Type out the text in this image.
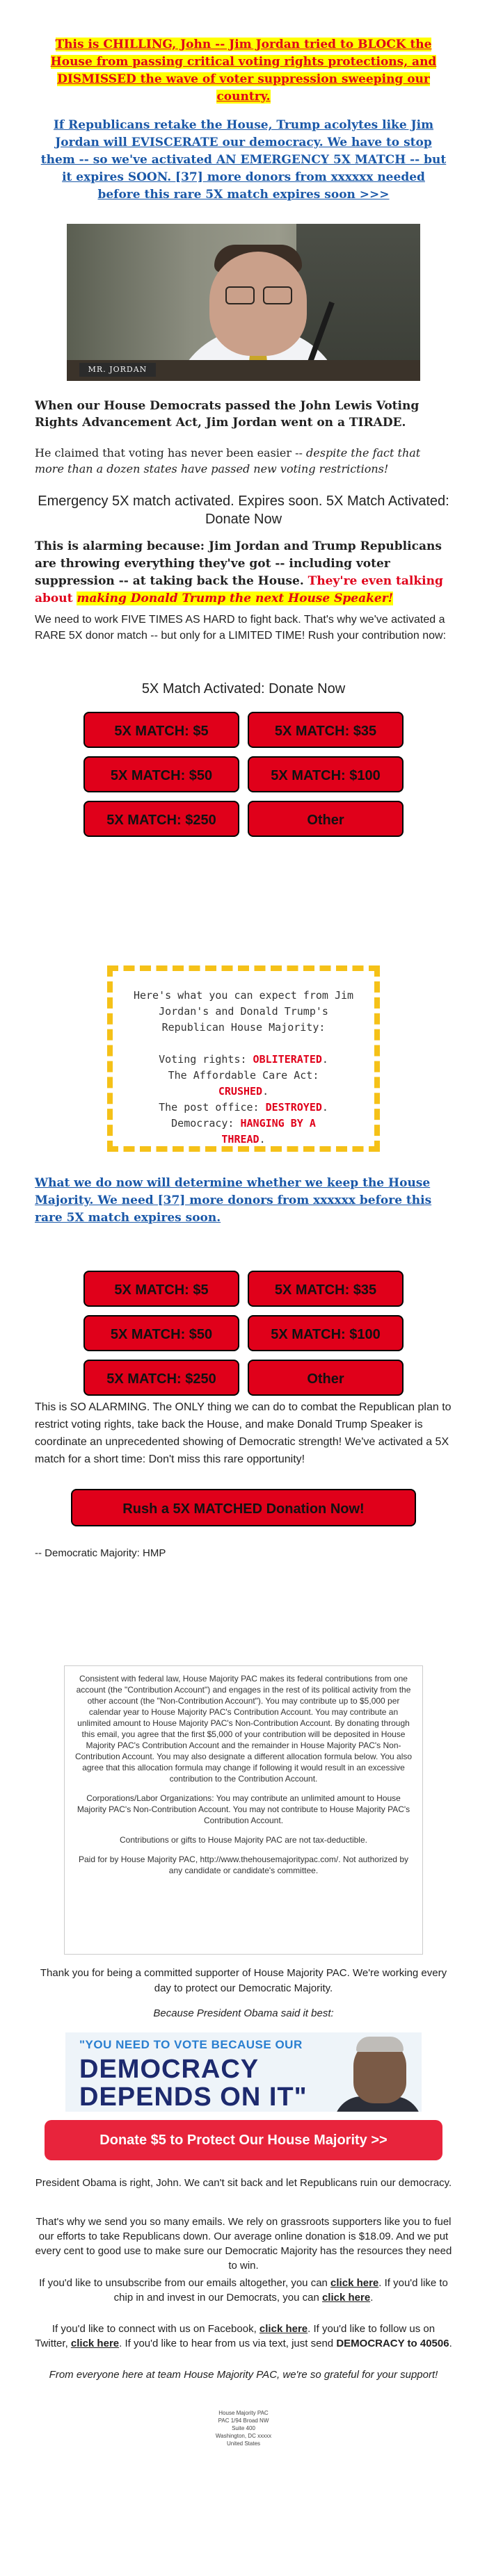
This is CHILLING, John -- Jim Jordan tried to BLOCK the House from passing critical voting rights protections, and DISMISSED the wave of voter suppression sweeping our country.
If Republicans retake the House, Trump acolytes like Jim Jordan will EVISCERATE our democracy. We have to stop them -- so we've activated AN EMERGENCY 5X MATCH -- but it expires SOON. [37] more donors from xxxxxx needed before this rare 5X match expires soon >>>
MR. JORDAN
When our House Democrats passed the John Lewis Voting Rights Advancement Act, Jim Jordan went on a TIRADE.
He claimed that voting has never been easier -- despite the fact that more than a dozen states have passed new voting restrictions!
Emergency 5X match activated. Expires soon. 5X Match Activated: Donate Now
This is alarming because: Jim Jordan and Trump Republicans are throwing everything they've got -- including voter suppression -- at taking back the House. They're even talking about making Donald Trump the next House Speaker!
We need to work FIVE TIMES AS HARD to fight back. That's why we've activated a RARE 5X donor match -- but only for a LIMITED TIME! Rush your contribution now:
5X Match Activated: Donate Now
5X MATCH: $5	5X MATCH: $35
5X MATCH: $50	5X MATCH: $100
5X MATCH: $250	Other
Here's what you can expect from Jim Jordan's and Donald Trump's Republican House Majority:
Voting rights: OBLITERATED.
The Affordable Care Act:
CRUSHED.
The post office: DESTROYED.
Democracy: HANGING BY A THREAD.
What we do now will determine whether we keep the House Majority. We need [37] more donors from xxxxxx before this rare 5X match expires soon.
5X MATCH: $5	5X MATCH: $35
5X MATCH: $50	5X MATCH: $100
5X MATCH: $250	Other
This is SO ALARMING. The ONLY thing we can do to combat the Republican plan to restrict voting rights, take back the House, and make Donald Trump Speaker is coordinate an unprecedented showing of Democratic strength! We've activated a 5X match for a short time: Don't miss this rare opportunity!
Rush a 5X MATCHED Donation Now!
-- Democratic Majority: HMP

Consistent with federal law, House Majority PAC makes its federal contributions from one account (the "Contribution Account") and engages in the rest of its political activity from the other account (the "Non-Contribution Account"). You may contribute up to $5,000 per calendar year to House Majority PAC's Contribution Account. You may contribute an unlimited amount to House Majority PAC's Non-Contribution Account. By donating through this email, you agree that the first $5,000 of your contribution will be deposited in House Majority PAC's Contribution Account and the remainder in House Majority PAC's Non-Contribution Account. You may also designate a different allocation formula below. You also agree that this allocation formula may change if following it would result in an excessive contribution to the Contribution Account.

Corporations/Labor Organizations: You may contribute an unlimited amount to House Majority PAC's Non-Contribution Account. You may not contribute to House Majority PAC's Contribution Account.

Contributions or gifts to House Majority PAC are not tax-deductible.

Paid for by House Majority PAC, http://www.thehousemajoritypac.com/. Not authorized by any candidate or candidate's committee.

Thank you for being a committed supporter of House Majority PAC. We're working every day to protect our Democratic Majority.
Because President Obama said it best:
"YOU NEED TO VOTE BECAUSE OUR
DEMOCRACY
DEPENDS ON IT"
Donate $5 to Protect Our House Majority >>
President Obama is right, John. We can't sit back and let Republicans ruin our democracy.
That's why we send you so many emails. We rely on grassroots supporters like you to fuel our efforts to take Republicans down. Our average online donation is $18.09. And we put every cent to good use to make sure our Democratic Majority has the resources they need to win.
If you'd like to unsubscribe from our emails altogether, you can click here. If you'd like to chip in and invest in our Democrats, you can click here.
If you'd like to connect with us on Facebook, click here. If you'd like to follow us on Twitter, click here. If you'd like to hear from us via text, just send DEMOCRACY to 40506.
From everyone here at team House Majority PAC, we're so grateful for your support!
House Majority PAC
PAC 1/94 Broad NW
Suite 400
Washington, DC xxxxx
United States
